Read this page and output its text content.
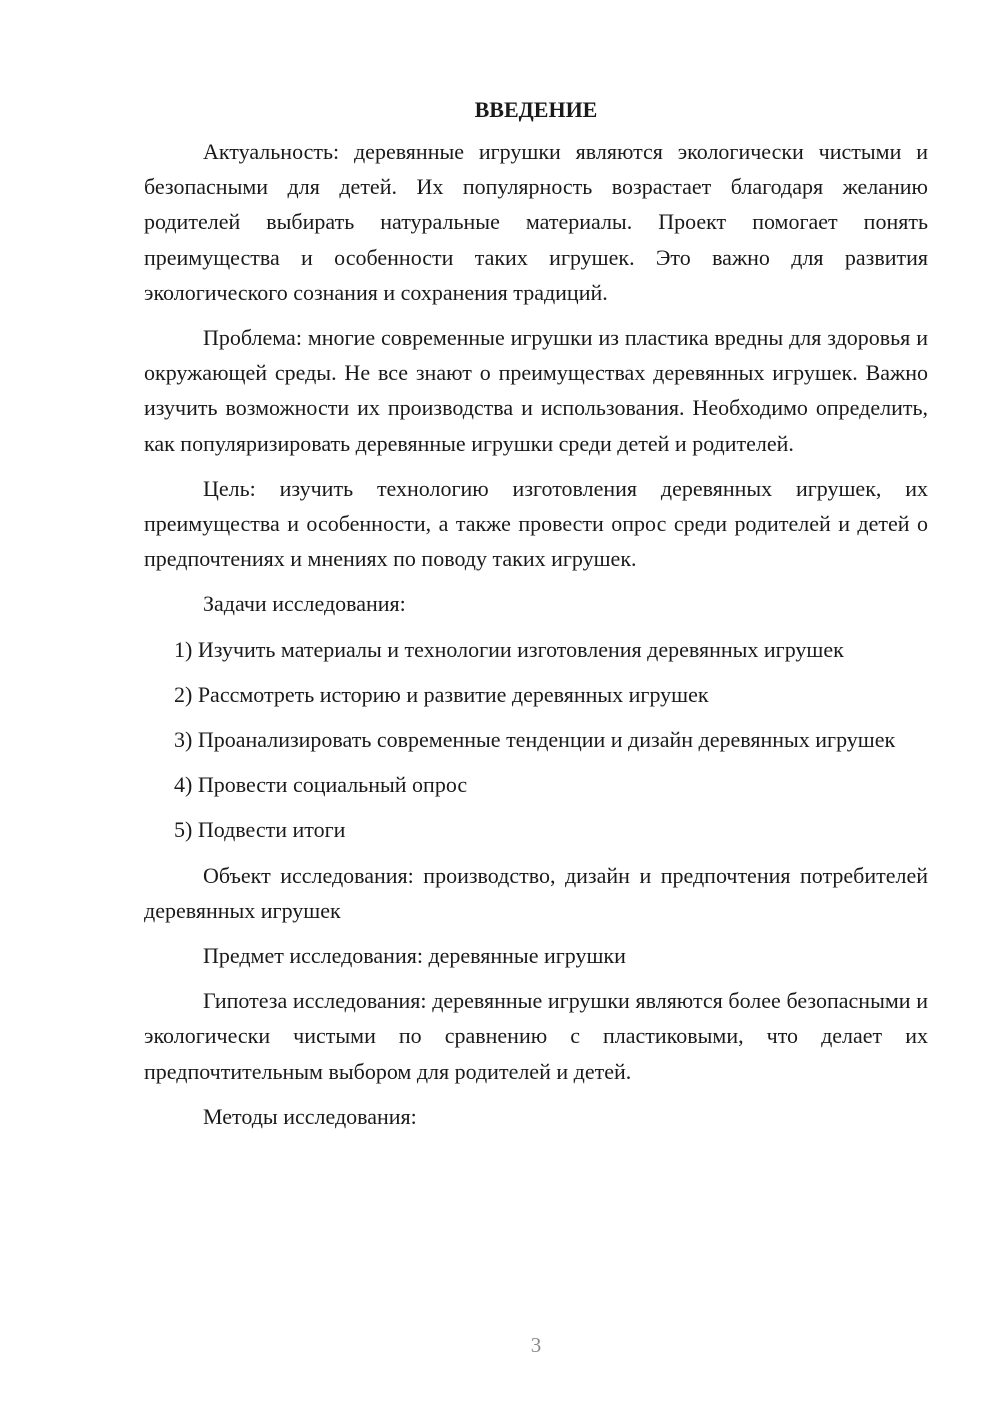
ВВЕДЕНИЕ

Актуальность: деревянные игрушки являются экологически чистыми и безопасными для детей. Их популярность возрастает благодаря желанию родителей выбирать натуральные материалы. Проект помогает понять преимущества и особенности таких игрушек. Это важно для развития экологического сознания и сохранения традиций.

Проблема: многие современные игрушки из пластика вредны для здоровья и окружающей среды. Не все знают о преимуществах деревянных игрушек. Важно изучить возможности их производства и использования. Необходимо определить, как популяризировать деревянные игрушки среди детей и родителей.

Цель: изучить технологию изготовления деревянных игрушек, их преимущества и особенности, а также провести опрос среди родителей и детей о предпочтениях и мнениях по поводу таких игрушек.

Задачи исследования:

1) Изучить материалы и технологии изготовления деревянных игрушек

2) Рассмотреть историю и развитие деревянных игрушек

3) Проанализировать современные тенденции и дизайн деревянных игрушек

4) Провести социальный опрос

5) Подвести итоги

Объект исследования: производство, дизайн и предпочтения потребителей деревянных игрушек

Предмет исследования: деревянные игрушки

Гипотеза исследования: деревянные игрушки являются более безопасными и экологически чистыми по сравнению с пластиковыми, что делает их предпочтительным выбором для родителей и детей.

Методы исследования:

3
